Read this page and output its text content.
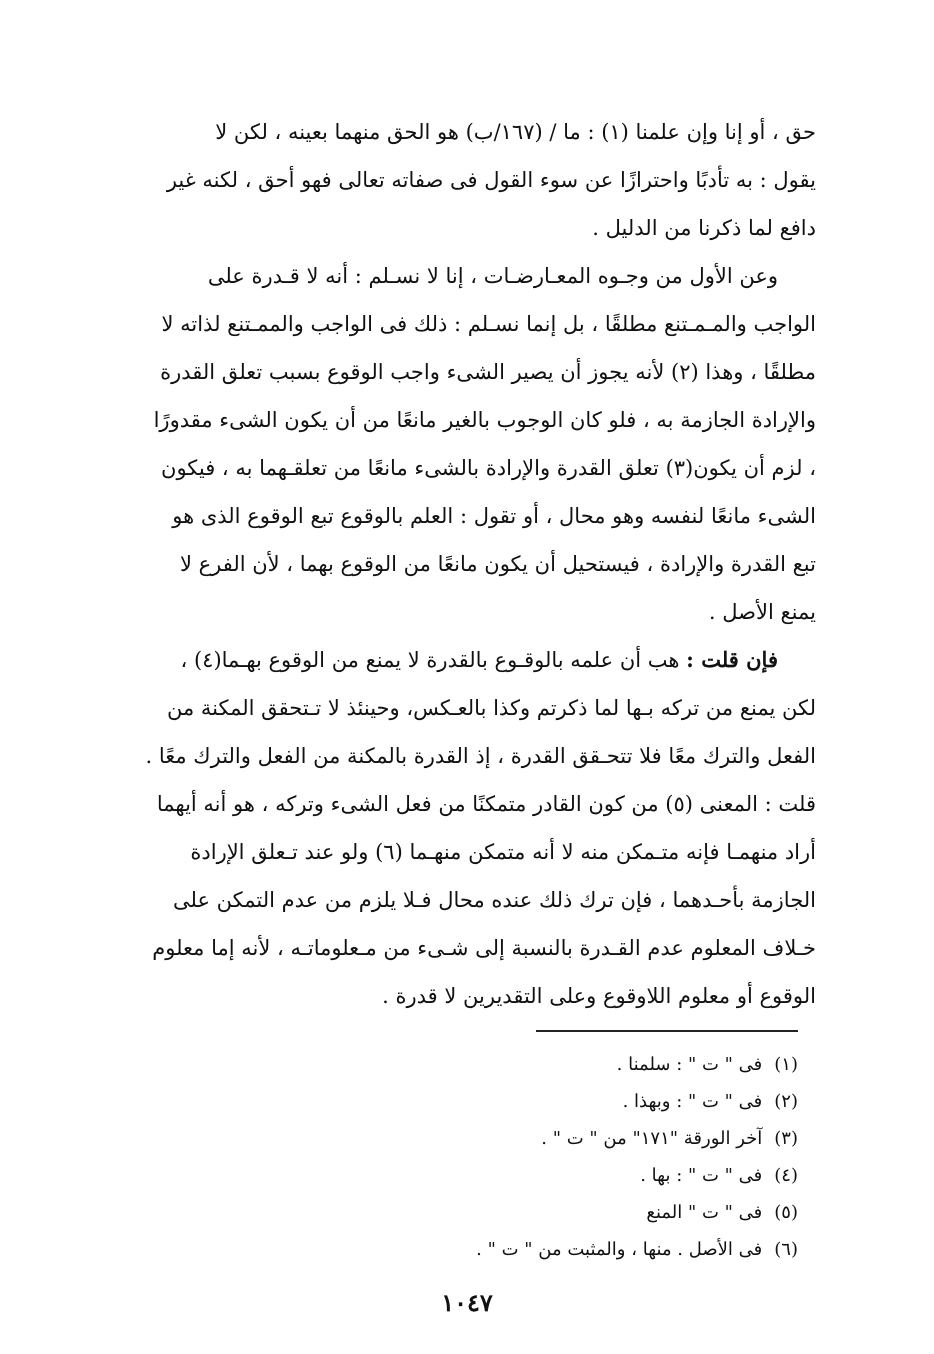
حق ، أو إنا وإن علمنا (١) : ما / (١٦٧/ب) هو الحق منهما بعينه ، لكن لا
يقول : به تأدبًا واحترازًا عن سوء القول فى صفاته تعالى فهو أحق ، لكنه غير
دافع لما ذكرنا من الدليل .

وعن الأول من وجـوه المعـارضـات ، إنا لا نسـلم : أنه لا قـدرة على
الواجب والمـمـتنع مطلقًا ، بل إنما نسـلم : ذلك فى الواجب والممـتنع لذاته لا
مطلقًا ، وهذا (٢) لأنه يجوز أن يصير الشىء واجب الوقوع بسبب تعلق القدرة
والإرادة الجازمة به ، فلو كان الوجوب بالغير مانعًا من أن يكون الشىء مقدورًا
، لزم أن يكون(٣) تعلق القدرة والإرادة بالشىء مانعًا من تعلقـهما به ، فيكون
الشىء مانعًا لنفسه وهو محال ، أو تقول : العلم بالوقوع تبع الوقوع الذى هو
تبع القدرة والإرادة ، فيستحيل أن يكون مانعًا من الوقوع بهما ، لأن الفرع لا
يمنع الأصل .

فإن قلت : هب أن علمه بالوقـوع بالقدرة لا يمنع من الوقوع بهـما(٤) ،
لكن يمنع من تركه بـها لما ذكرتم وكذا بالعـكس، وحينئذ لا تـتحقق المكنة من
الفعل والترك معًا فلا تتحـقق القدرة ، إذ القدرة بالمكنة من الفعل والترك معًا .
قلت : المعنى (٥) من كون القادر متمكنًا من فعل الشىء وتركه ، هو أنه أيهما
أراد منهمـا فإنه متـمكن منه لا أنه متمكن منهـما (٦) ولو عند تـعلق الإرادة
الجازمة بأحـدهما ، فإن ترك ذلك عنده محال فـلا يلزم من عدم التمكن على
خـلاف المعلوم عدم القـدرة بالنسبة إلى شـىء من مـعلوماتـه ، لأنه إما معلوم
الوقوع أو معلوم اللاوقوع وعلى التقديرين لا قدرة .

(١)فى " ت " : سلمنا .
(٢)فى " ت " : وبهذا .
(٣)آخر الورقة "١٧١" من " ت " .
(٤)فى " ت " : بها .
(٥)فى " ت " المنع
(٦)فى الأصل . منها ، والمثبت من " ت " .
١٠٤٧
